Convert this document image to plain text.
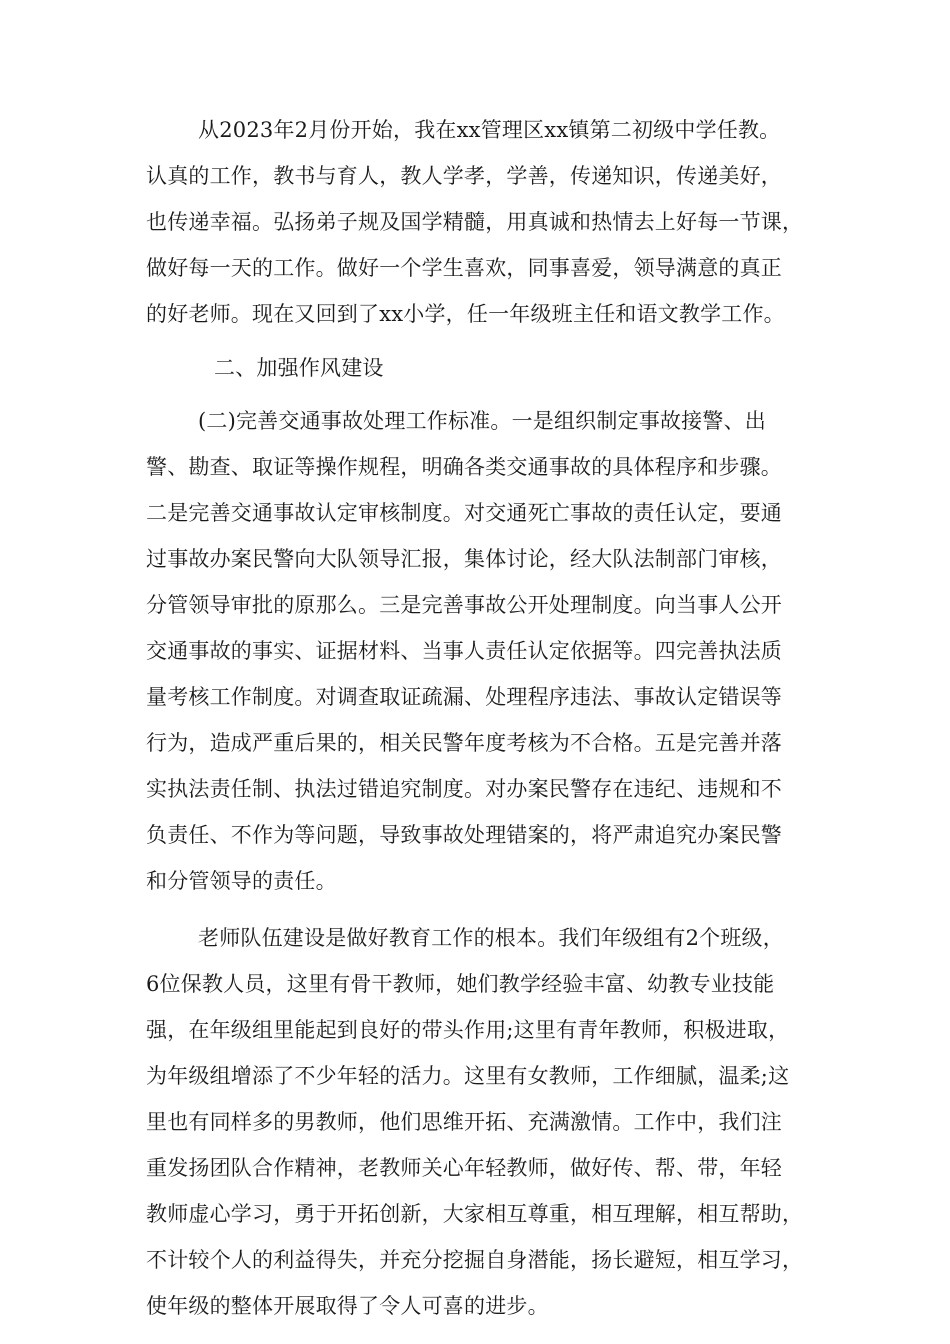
从2023年2月份开始，我在xx管理区xx镇第二初级中学任教。
认真的工作，教书与育人，教人学孝，学善，传递知识，传递美好，
也传递幸福。弘扬弟子规及国学精髓，用真诚和热情去上好每一节课，
做好每一天的工作。做好一个学生喜欢，同事喜爱，领导满意的真正
的好老师。现在又回到了xx小学，任一年级班主任和语文教学工作。
二、加强作风建设
(二)完善交通事故处理工作标准。一是组织制定事故接警、出
警、勘查、取证等操作规程，明确各类交通事故的具体程序和步骤。
二是完善交通事故认定审核制度。对交通死亡事故的责任认定，要通
过事故办案民警向大队领导汇报，集体讨论，经大队法制部门审核，
分管领导审批的原那么。三是完善事故公开处理制度。向当事人公开
交通事故的事实、证据材料、当事人责任认定依据等。四完善执法质
量考核工作制度。对调查取证疏漏、处理程序违法、事故认定错误等
行为，造成严重后果的，相关民警年度考核为不合格。五是完善并落
实执法责任制、执法过错追究制度。对办案民警存在违纪、违规和不
负责任、不作为等问题，导致事故处理错案的，将严肃追究办案民警
和分管领导的责任。
老师队伍建设是做好教育工作的根本。我们年级组有2个班级，
6位保教人员，这里有骨干教师，她们教学经验丰富、幼教专业技能
强，在年级组里能起到良好的带头作用;这里有青年教师，积极进取，
为年级组增添了不少年轻的活力。这里有女教师，工作细腻，温柔;这
里也有同样多的男教师，他们思维开拓、充满激情。工作中，我们注
重发扬团队合作精神，老教师关心年轻教师，做好传、帮、带，年轻
教师虚心学习，勇于开拓创新，大家相互尊重，相互理解，相互帮助，
不计较个人的利益得失，并充分挖掘自身潜能，扬长避短，相互学习，
使年级的整体开展取得了令人可喜的进步。
